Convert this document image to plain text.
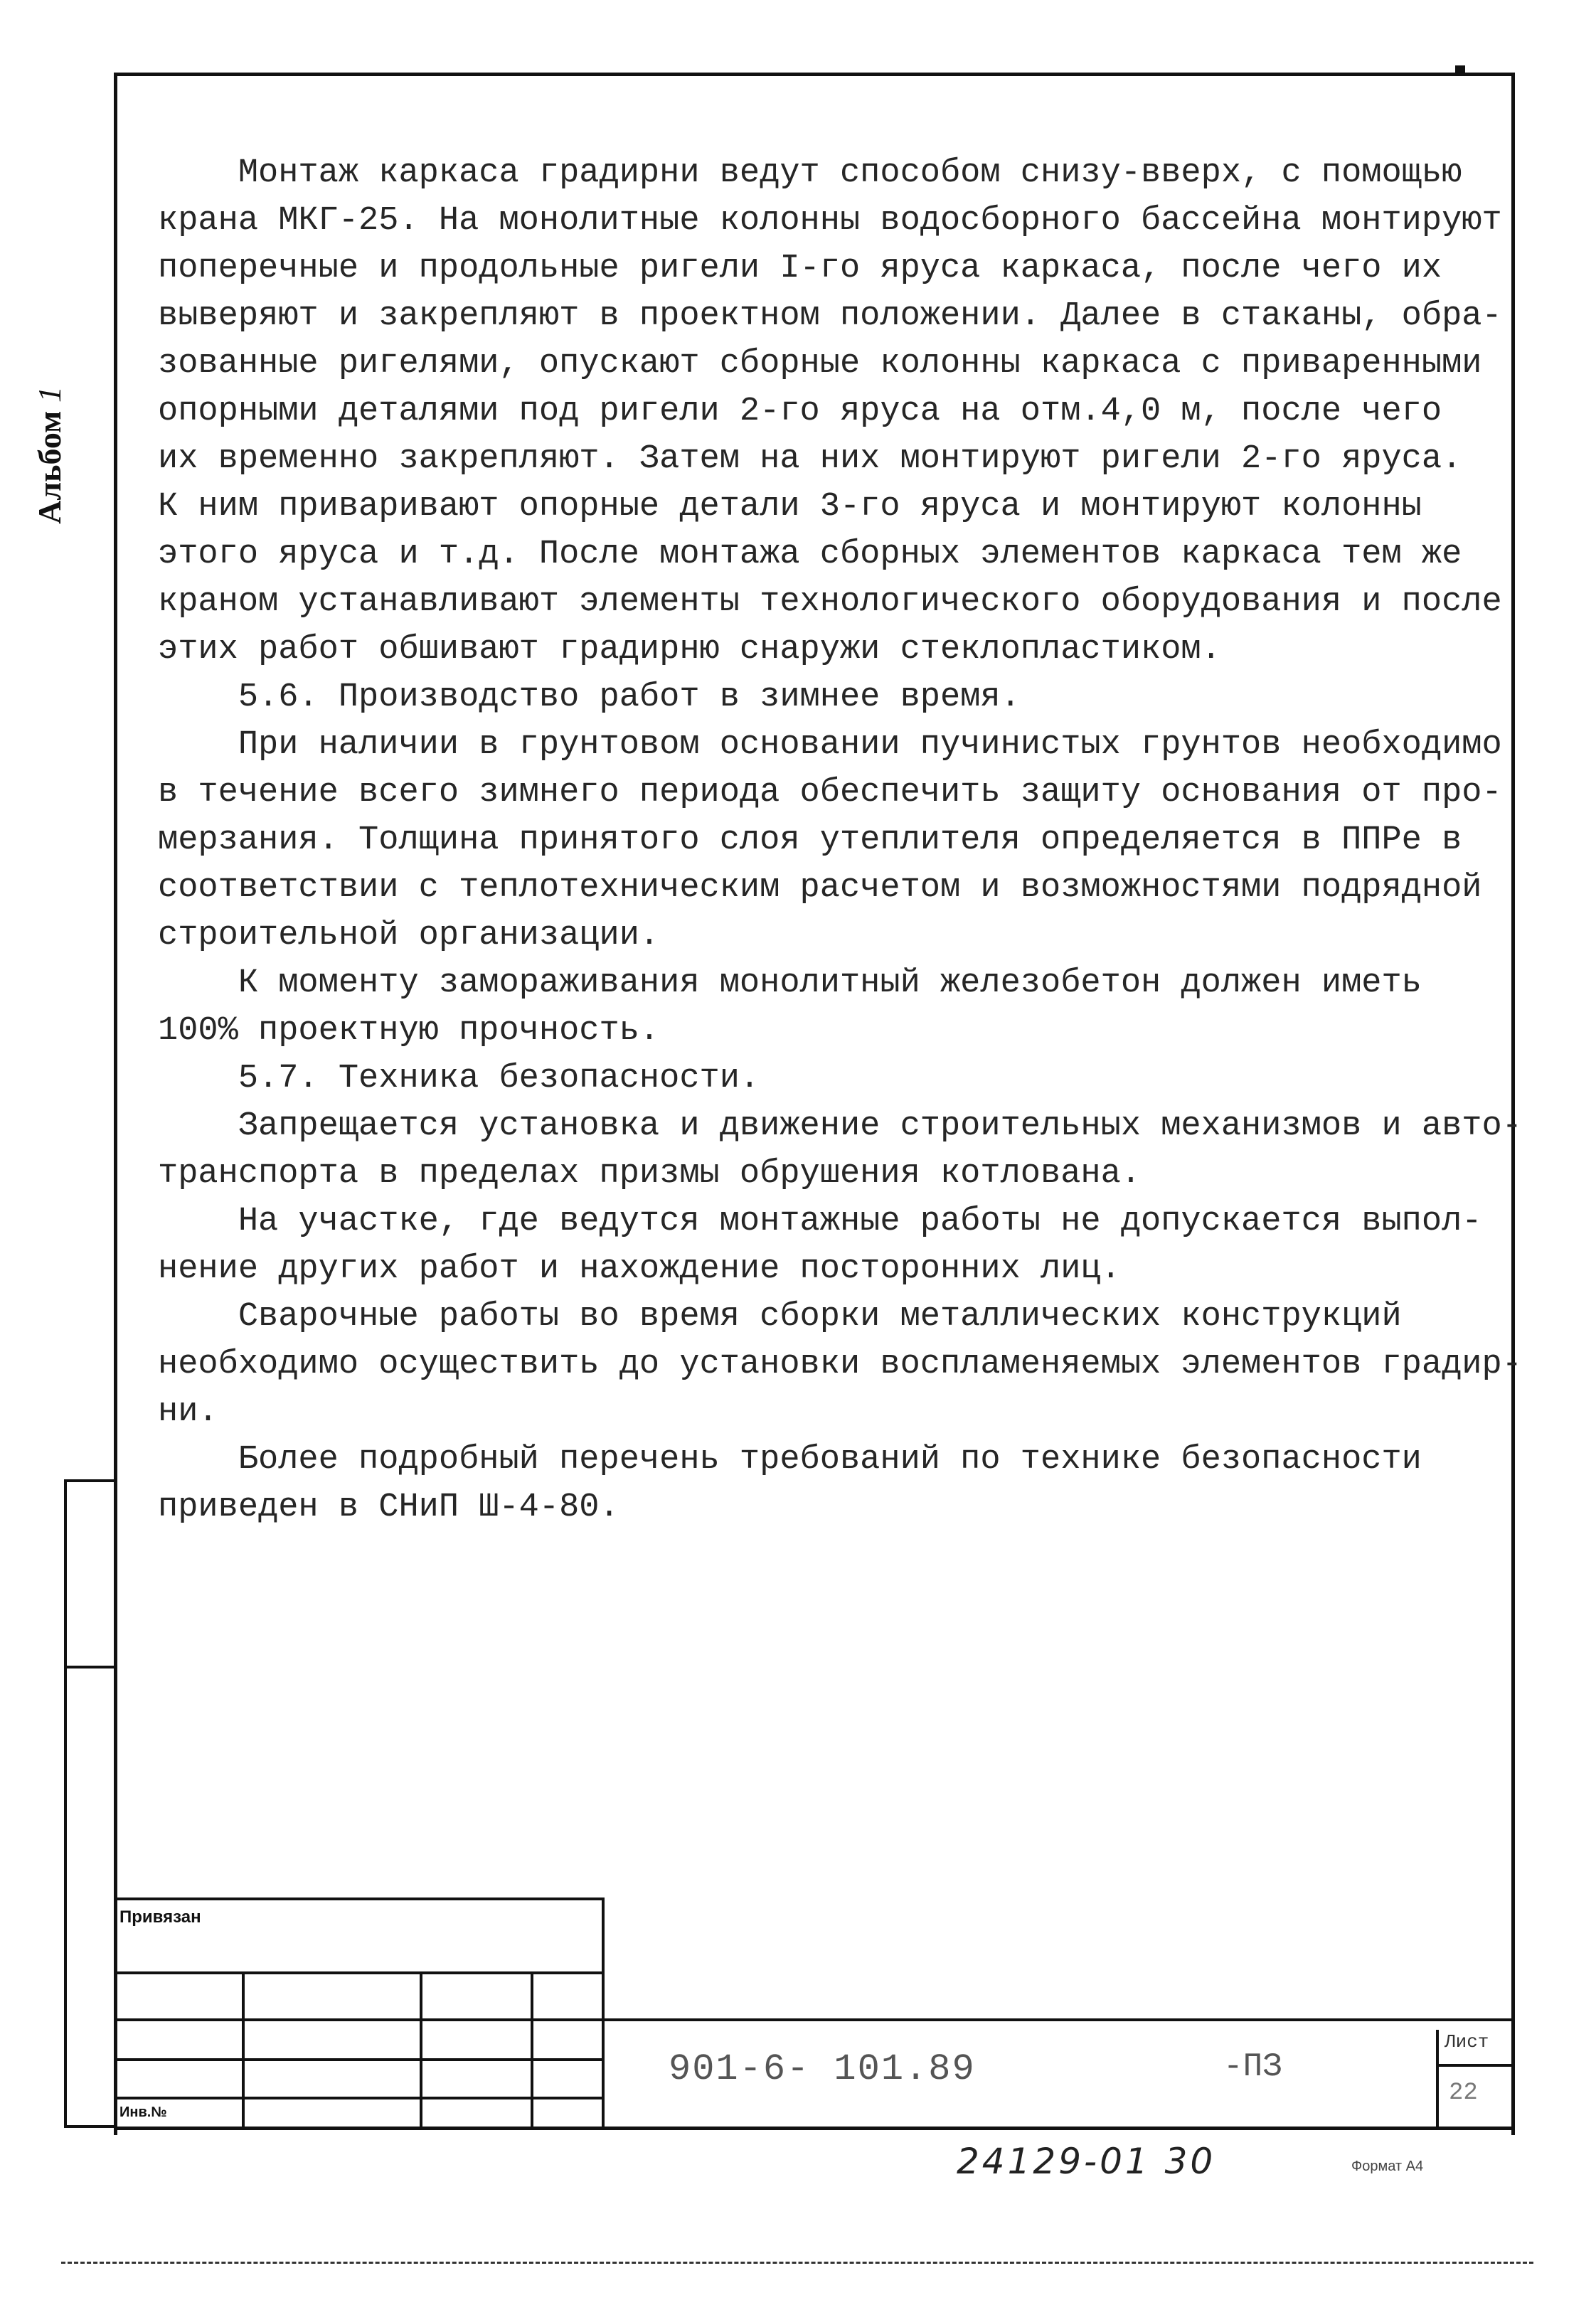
Альбом 1

Монтаж каркаса градирни ведут способом снизу-вверх, с помощью

крана МКГ-25. На монолитные колонны водосборного бассейна монтируют

поперечные и продольные ригели I-го яруса каркаса, после чего их

выверяют и закрепляют в проектном положении. Далее в стаканы, обра-

зованные ригелями, опускают сборные колонны каркаса с приваренными

опорными деталями под ригели 2-го яруса на отм.4,0 м, после чего

их временно закрепляют. Затем на них монтируют ригели 2-го яруса.

К ним приваривают опорные детали 3-го яруса и монтируют колонны

этого яруса и т.д. После монтажа сборных элементов каркаса тем же

краном устанавливают элементы технологического оборудования и после

этих работ обшивают градирню снаружи стеклопластиком.

5.6. Производство работ в зимнее время.

При наличии в грунтовом основании пучинистых грунтов необходимо

в течение всего зимнего периода обеспечить защиту основания от про-

мерзания. Толщина принятого слоя утеплителя определяется в ППРе в

соответствии с теплотехническим расчетом и возможностями подрядной

строительной организации.

К моменту замораживания монолитный железобетон должен иметь

100% проектную прочность.

5.7. Техника безопасности.

Запрещается установка и движение строительных механизмов и авто-

транспорта в пределах призмы обрушения котлована.

На участке, где ведутся монтажные работы не допускается выпол-

нение других работ и нахождение посторонних лиц.

Сварочные работы во время сборки металлических конструкций

необходимо осуществить до установки воспламеняемых элементов градир-

ни.

Более подробный перечень требований по технике безопасности

приведен в СНиП Ш-4-80.

Привязан
Инв.№
901-6- 101.89	-ПЗ
Лист
22
24129-01 30	Формат А4
